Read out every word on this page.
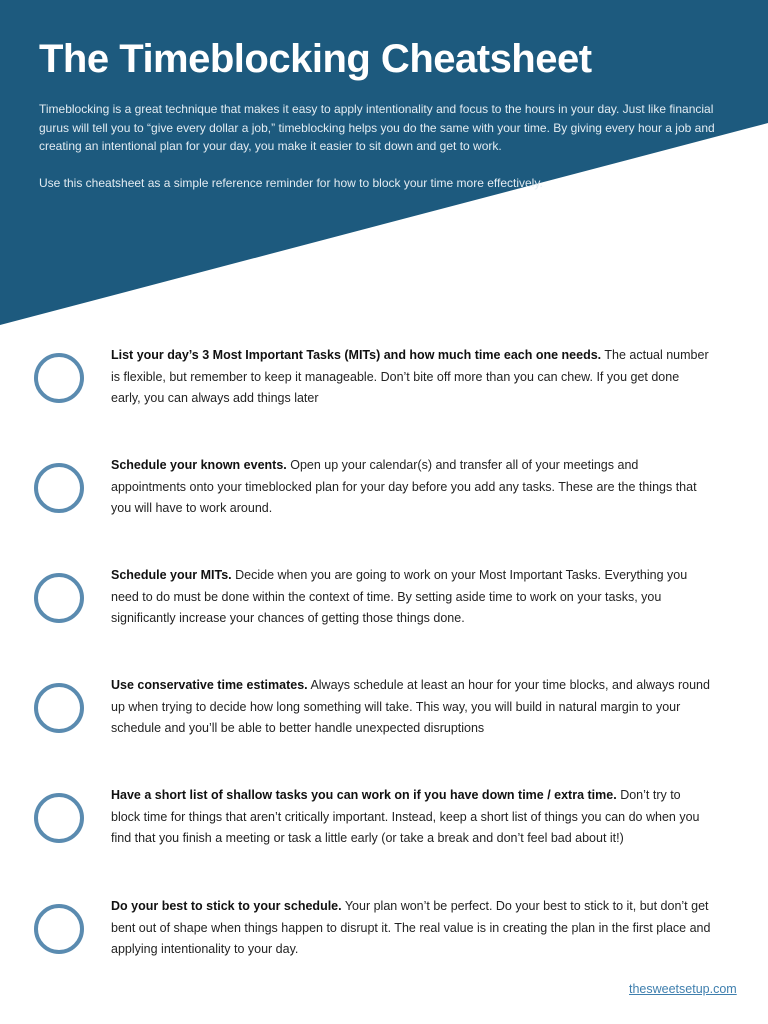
The Timeblocking Cheatsheet

Timeblocking is a great technique that makes it easy to apply intentionality and focus to the hours in your day. Just like financial gurus will tell you to “give every dollar a job,” timeblocking helps you do the same with your time. By giving every hour a job and creating an intentional plan for your day, you make it easier to sit down and get to work.

Use this cheatsheet as a simple reference reminder for how to block your time more effectively.

List your day’s 3 Most Important Tasks (MITs) and how much time each one needs. The actual number is flexible, but remember to keep it manageable. Don’t bite off more than you can chew. If you get done early, you can always add things later

Schedule your known events. Open up your calendar(s) and transfer all of your meetings and appointments onto your timeblocked plan for your day before you add any tasks. These are the things that you will have to work around.

Schedule your MITs. Decide when you are going to work on your Most Important Tasks. Everything you need to do must be done within the context of time. By setting aside time to work on your tasks, you significantly increase your chances of getting those things done.

Use conservative time estimates. Always schedule at least an hour for your time blocks, and always round up when trying to decide how long something will take. This way, you will build in natural margin to your schedule and you’ll be able to better handle unexpected disruptions

Have a short list of shallow tasks you can work on if you have down time / extra time. Don’t try to block time for things that aren’t critically important. Instead, keep a short list of things you can do when you find that you finish a meeting or task a little early (or take a break and don’t feel bad about it!)

Do your best to stick to your schedule. Your plan won’t be perfect. Do your best to stick to it, but don’t get bent out of shape when things happen to disrupt it. The real value is in creating the plan in the first place and applying intentionality to your day.

thesweetsetup.com
